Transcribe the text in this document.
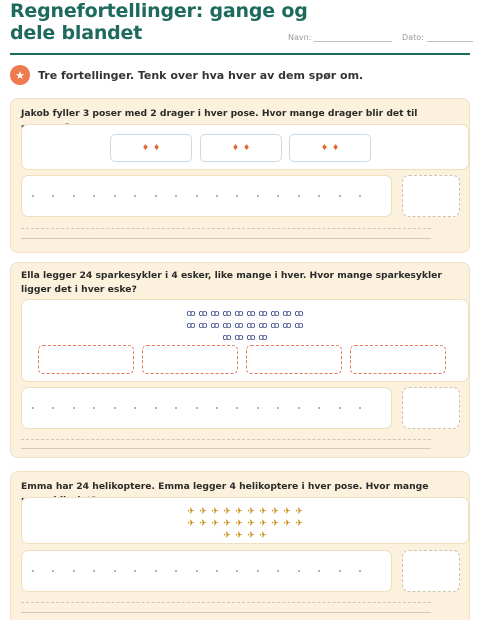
Regnefortellinger: gange og
dele blandet	Navn:	Dato:
★	Tre fortellinger. Tenk over hva hver av dem spør om.
Jakob fyller 3 poser med 2 drager i hver pose. Hvor mange drager blir det til
♦ ♦	♦ ♦	♦ ♦
Ella legger 24 sparkesykler i 4 esker, like mange i hver. Hvor mange sparkesykler ligger det i hver eske?
ꝏ ꝏ ꝏ ꝏ ꝏ ꝏ ꝏ ꝏ ꝏ ꝏ
ꝏ ꝏ ꝏ ꝏ ꝏ ꝏ ꝏ ꝏ ꝏ ꝏ
ꝏ ꝏ ꝏ ꝏ
Emma har 24 helikoptere. Emma legger 4 helikoptere i hver pose. Hvor mange
✈ ✈ ✈ ✈ ✈ ✈ ✈ ✈ ✈ ✈
✈ ✈ ✈ ✈ ✈ ✈ ✈ ✈ ✈ ✈
✈ ✈ ✈ ✈
